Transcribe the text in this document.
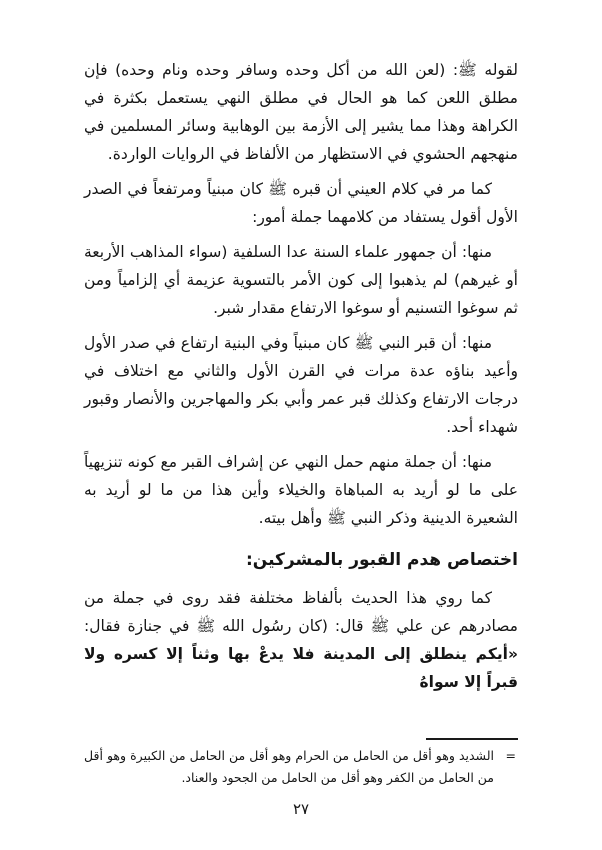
لقوله ﷺ: (لعن الله من أكل وحده وسافر وحده ونام وحده) فإن مطلق اللعن كما هو الحال في مطلق النهي يستعمل بكثرة في الكراهة وهذا مما يشير إلى الأزمة بين الوهابية وسائر المسلمين في منهجهم الحشوي في الاستظهار من الألفاظ في الروايات الواردة.

كما مر في كلام العيني أن قبره ﷺ كان مبنياً ومرتفعاً في الصدر الأول أقول يستفاد من كلامهما جملة أمور:

منها: أن جمهور علماء السنة عدا السلفية (سواء المذاهب الأربعة أو غيرهم) لم يذهبوا إلى كون الأمر بالتسوية عزيمة أي إلزامياً ومن ثم سوغوا التسنيم أو سوغوا الارتفاع مقدار شبر.

منها: أن قبر النبي ﷺ كان مبنياً وفي البنية ارتفاع في صدر الأول وأعيد بناؤه عدة مرات في القرن الأول والثاني مع اختلاف في درجات الارتفاع وكذلك قبر عمر وأبي بكر والمهاجرين والأنصار وقبور شهداء أحد.

منها: أن جملة منهم حمل النهي عن إشراف القبر مع كونه تنزيهياً على ما لو أريد به المباهاة والخيلاء وأين هذا من ما لو أريد به الشعيرة الدينية وذكر النبي ﷺ وأهل بيته.

اختصاص هدم القبور بالمشركين:

كما روي هذا الحديث بألفاظ مختلفة فقد روى في جملة من مصادرهم عن علي ﷺ قال: (كان رسُول الله ﷺ في جنازة فقال: «أيكم ينطلق إلى المدينة فلا يدعْ بها وثناً إلا كسره ولا قبراً إلا سواهُ

=
الشديد وهو أقل من الحامل من الحرام وهو أقل من الحامل من الكبيرة وهو أقل من الحامل من الكفر وهو أقل من الحامل من الجحود والعناد.

٢٧
